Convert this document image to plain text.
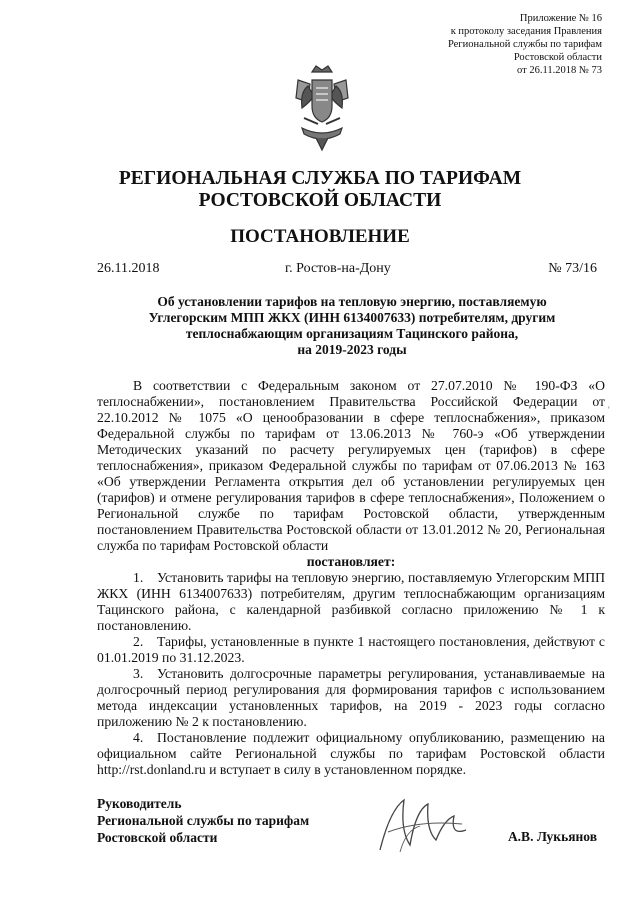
Приложение № 16
к протоколу заседания Правления
Региональной службы по тарифам
Ростовской области
от 26.11.2018 № 73
РЕГИОНАЛЬНАЯ СЛУЖБА ПО ТАРИФАМ
РОСТОВСКОЙ ОБЛАСТИ
ПОСТАНОВЛЕНИЕ
26.11.2018	г. Ростов-на-Дону	№ 73/16
Об установлении тарифов на тепловую энергию, поставляемую
Углегорским МПП ЖКХ (ИНН 6134007633) потребителям, другим
теплоснабжающим организациям Тацинского района,
на 2019-2023 годы

В соответствии с Федеральным законом от 27.07.2010 № 190-ФЗ «О теплоснабжении», постановлением Правительства Российской Федерации от 22.10.2012 № 1075 «О ценообразовании в сфере теплоснабжения», приказом Федеральной службы по тарифам от 13.06.2013 № 760-э «Об утверждении Методических указаний по расчету регулируемых цен (тарифов) в сфере теплоснабжения», приказом Федеральной службы по тарифам от 07.06.2013 № 163 «Об утверждении Регламента открытия дел об установлении регулируемых цен (тарифов) и отмене регулирования тарифов в сфере теплоснабжения», Положением о Региональной службе по тарифам Ростовской области, утвержденным постановлением Правительства Ростовской области от 13.01.2012 № 20, Региональная служба по тарифам Ростовской области

постановляет:

1. Установить тарифы на тепловую энергию, поставляемую Углегорским МПП ЖКХ (ИНН 6134007633) потребителям, другим теплоснабжающим организациям Тацинского района, с календарной разбивкой согласно приложению № 1 к постановлению.

2. Тарифы, установленные в пункте 1 настоящего постановления, действуют с 01.01.2019 по 31.12.2023.

3. Установить долгосрочные параметры регулирования, устанавливаемые на долгосрочный период регулирования для формирования тарифов с использованием метода индексации установленных тарифов, на 2019 - 2023 годы согласно приложению № 2 к постановлению.

4. Постановление подлежит официальному опубликованию, размещению на официальном сайте Региональной службы по тарифам Ростовской области http://rst.donland.ru и вступает в силу в установленном порядке.

'
Руководитель
Региональной службы по тарифам
Ростовской области	А.В. Лукьянов
